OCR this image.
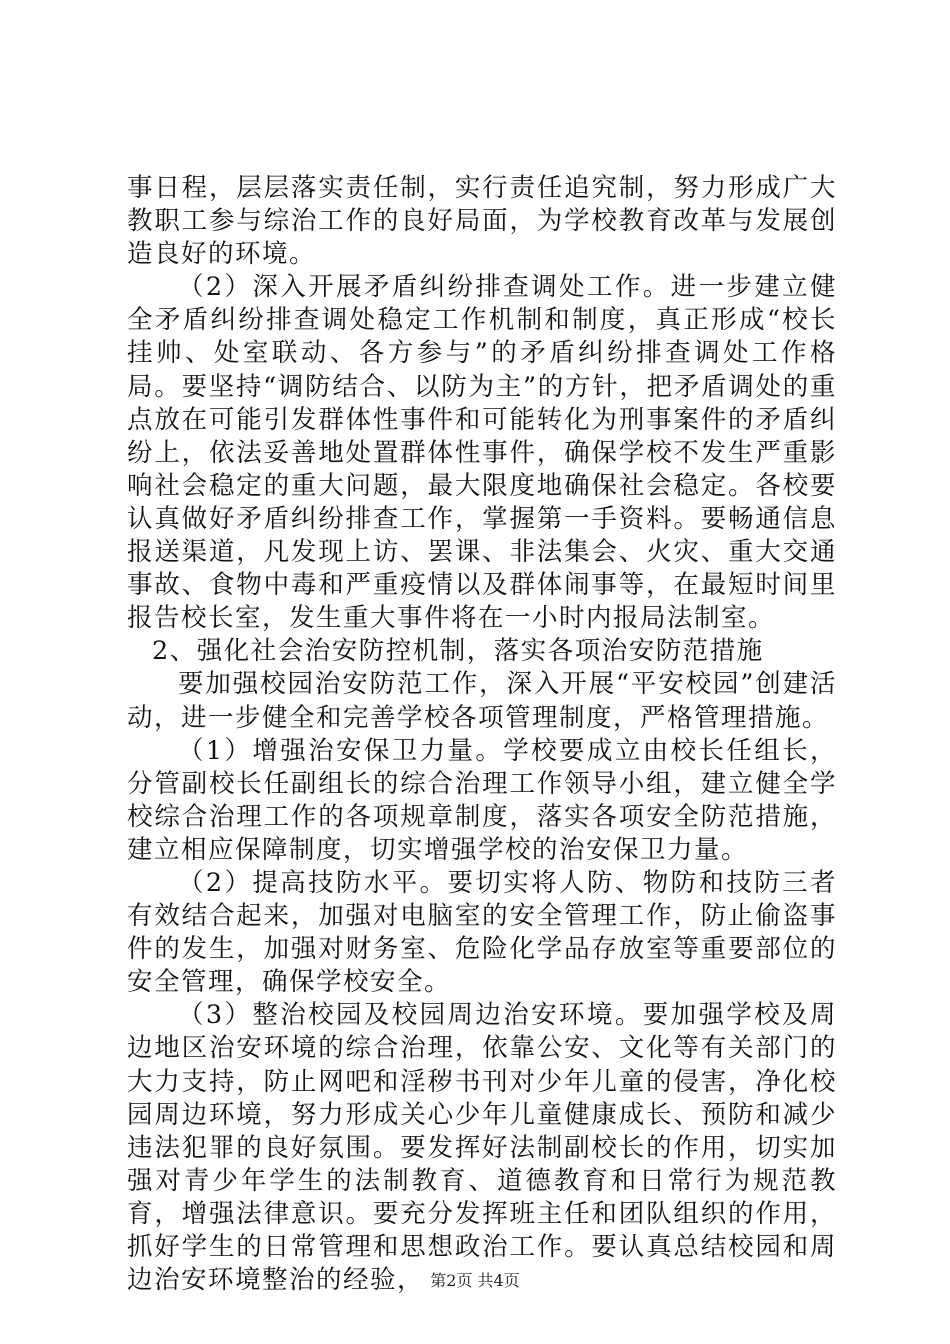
事日程，层层落实责任制，实行责任追究制，努力形成广大教职工参与综治工作的良好局面，为学校教育改革与发展创造良好的环境。

（2）深入开展矛盾纠纷排查调处工作。进一步建立健全矛盾纠纷排查调处稳定工作机制和制度，真正形成“校长挂帅、处室联动、各方参与”的矛盾纠纷排查调处工作格局。要坚持“调防结合、以防为主”的方针，把矛盾调处的重点放在可能引发群体性事件和可能转化为刑事案件的矛盾纠纷上，依法妥善地处置群体性事件，确保学校不发生严重影响社会稳定的重大问题，最大限度地确保社会稳定。各校要认真做好矛盾纠纷排查工作，掌握第一手资料。要畅通信息报送渠道，凡发现上访、罢课、非法集会、火灾、重大交通事故、食物中毒和严重疫情以及群体闹事等，在最短时间里报告校长室，发生重大事件将在一小时内报局法制室。

2、强化社会治安防控机制，落实各项治安防范措施

要加强校园治安防范工作，深入开展“平安校园”创建活动，进一步健全和完善学校各项管理制度，严格管理措施。

（1）增强治安保卫力量。学校要成立由校长任组长，分管副校长任副组长的综合治理工作领导小组，建立健全学校综合治理工作的各项规章制度，落实各项安全防范措施，建立相应保障制度，切实增强学校的治安保卫力量。

（2）提高技防水平。要切实将人防、物防和技防三者有效结合起来，加强对电脑室的安全管理工作，防止偷盗事件的发生，加强对财务室、危险化学品存放室等重要部位的安全管理，确保学校安全。

（3）整治校园及校园周边治安环境。要加强学校及周边地区治安环境的综合治理，依靠公安、文化等有关部门的大力支持，防止网吧和淫秽书刊对少年儿童的侵害，净化校园周边环境，努力形成关心少年儿童健康成长、预防和减少违法犯罪的良好氛围。要发挥好法制副校长的作用，切实加强对青少年学生的法制教育、道德教育和日常行为规范教育，增强法律意识。要充分发挥班主任和团队组织的作用，抓好学生的日常管理和思想政治工作。要认真总结校园和周边治安环境整治的经验， 第2页 共4页
